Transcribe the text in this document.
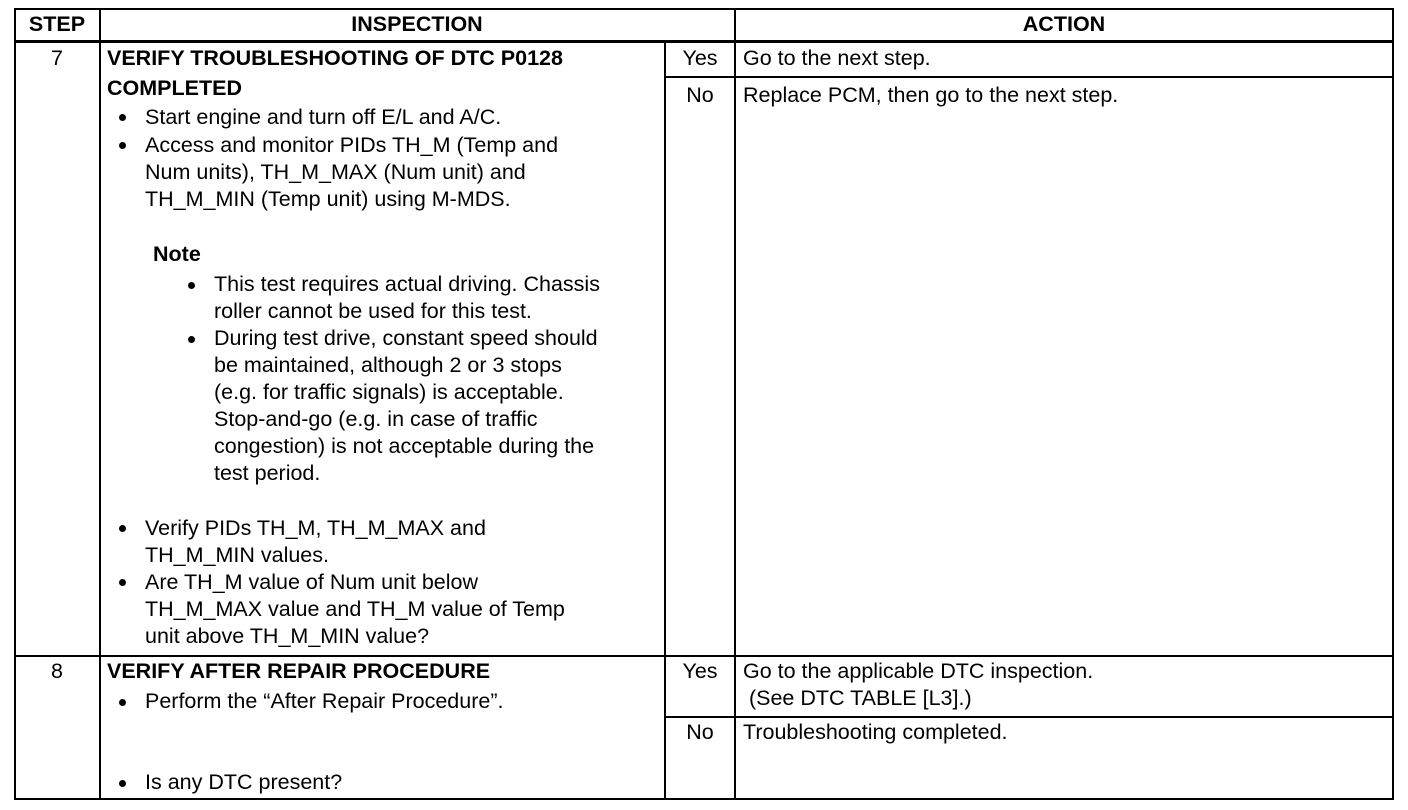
STEP	INSPECTION	ACTION
7	VERIFY TROUBLESHOOTING OF DTC P0128
COMPLETED
Start engine and turn off E/L and A/C.
Access and monitor PIDs TH_M (Temp and
Num units), TH_M_MAX (Num unit) and
TH_M_MIN (Temp unit) using M-MDS.
Note
This test requires actual driving. Chassis
roller cannot be used for this test.
During test drive, constant speed should
be maintained, although 2 or 3 stops
(e.g. for traffic signals) is acceptable.
Stop-and-go (e.g. in case of traffic
congestion) is not acceptable during the
test period.
Verify PIDs TH_M, TH_M_MAX and
TH_M_MIN values.
Are TH_M value of Num unit below
TH_M_MAX value and TH_M value of Temp
unit above TH_M_MIN value?
Yes	Go to the next step.
No	Replace PCM, then go to the next step.
8	VERIFY AFTER REPAIR PROCEDURE
Perform the “After Repair Procedure”.
Is any DTC present?
Yes	Go to the applicable DTC inspection.
(See DTC TABLE [L3].)
No	Troubleshooting completed.
